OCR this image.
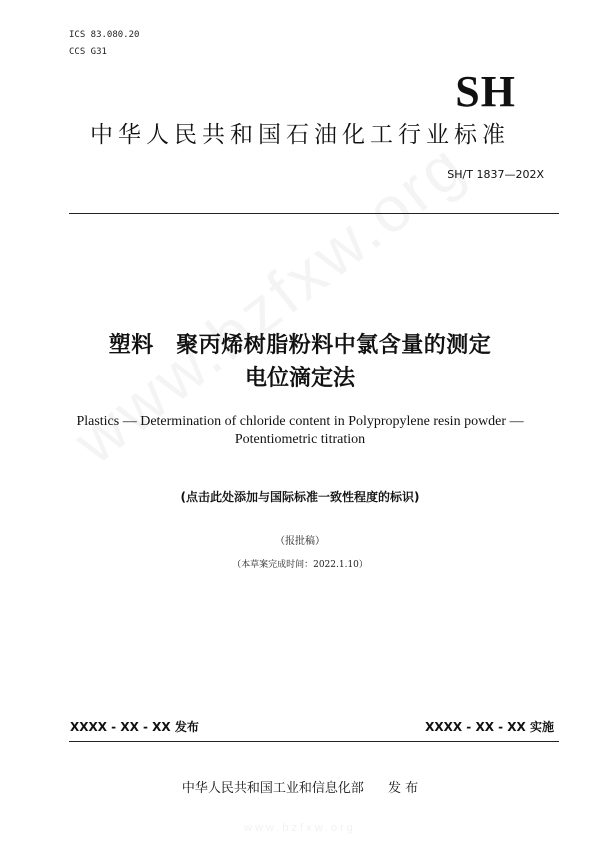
ICS 83.080.20
CCS G31
SH
中华人民共和国石油化工行业标准
SH/T 1837—202X
塑料　聚丙烯树脂粉料中氯含量的测定
电位滴定法
Plastics — Determination of chloride content in Polypropylene resin powder —
Potentiometric titration
(点击此处添加与国际标准一致性程度的标识)
（报批稿）
（本草案完成时间：2022.1.10）
XXXX - XX - XX 发布	XXXX - XX - XX 实施
中华人民共和国工业和信息化部 发 布
www.bzfxw.org
